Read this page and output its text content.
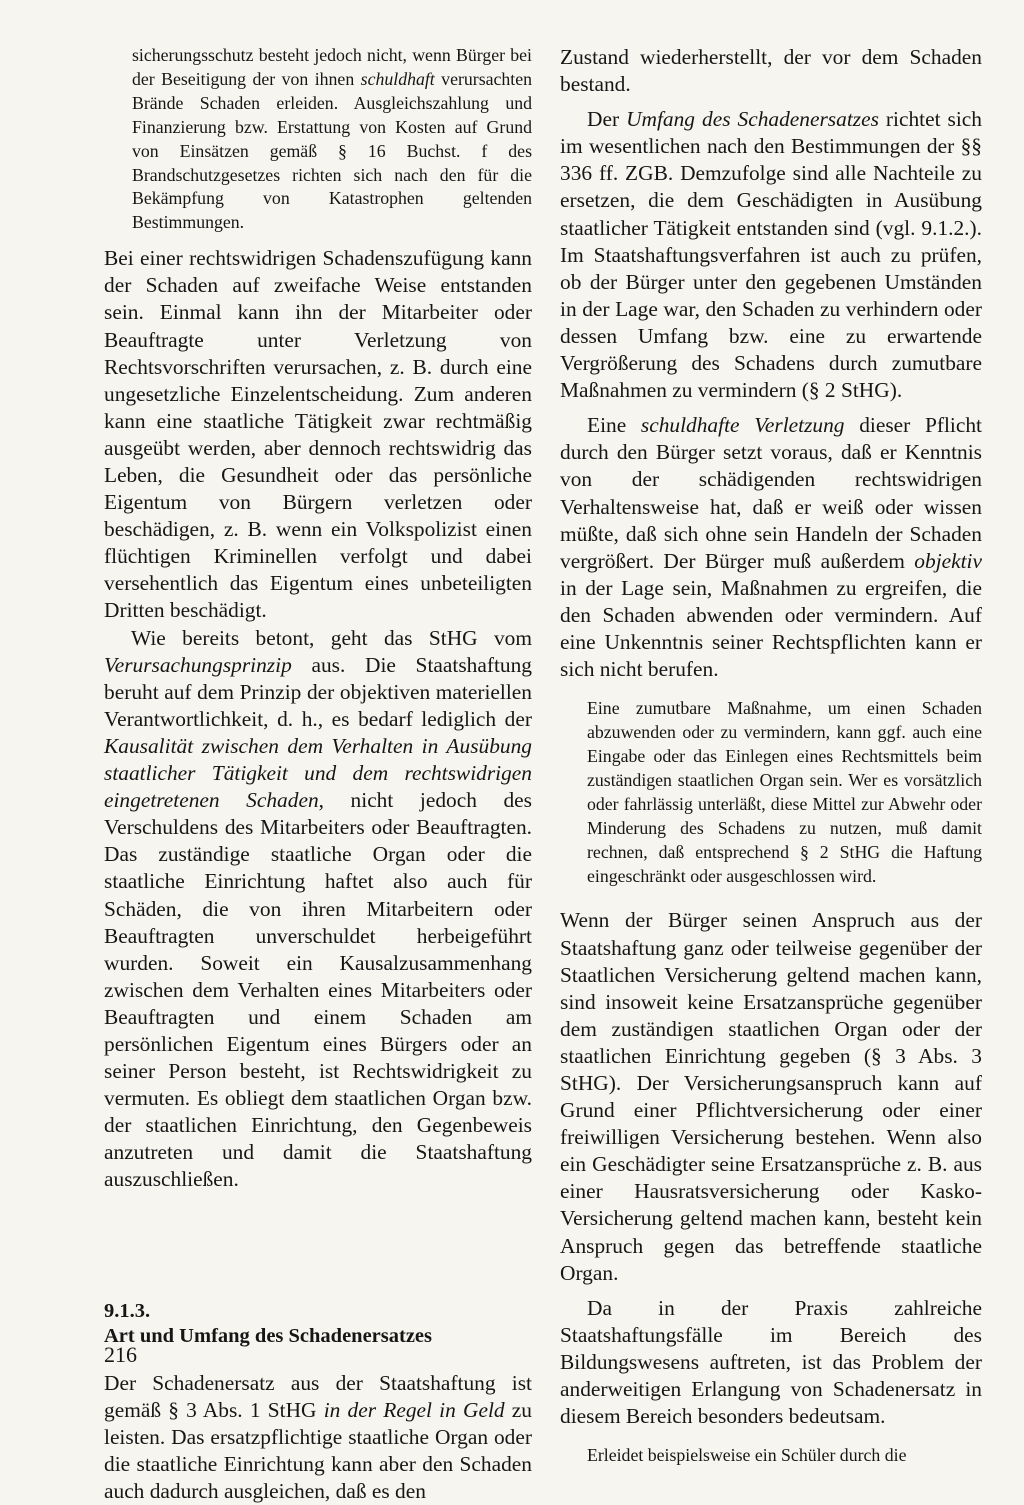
sicherungsschutz besteht jedoch nicht, wenn Bürger bei der Beseitigung der von ihnen schuldhaft verursachten Brände Schaden erleiden. Ausgleichszahlung und Finanzierung bzw. Erstattung von Kosten auf Grund von Einsätzen gemäß § 16 Buchst. f des Brandschutzgesetzes richten sich nach den für die Bekämpfung von Katastrophen geltenden Bestimmungen.

Bei einer rechtswidrigen Schadenszufügung kann der Schaden auf zweifache Weise entstanden sein. Einmal kann ihn der Mitarbeiter oder Beauftragte unter Verletzung von Rechtsvorschriften verursachen, z. B. durch eine ungesetzliche Einzelentscheidung. Zum anderen kann eine staatliche Tätigkeit zwar rechtmäßig ausgeübt werden, aber dennoch rechtswidrig das Leben, die Gesundheit oder das persönliche Eigentum von Bürgern verletzen oder beschädigen, z. B. wenn ein Volkspolizist einen flüchtigen Kriminellen verfolgt und dabei versehentlich das Eigentum eines unbeteiligten Dritten beschädigt.

Wie bereits betont, geht das StHG vom Verursachungsprinzip aus. Die Staatshaftung beruht auf dem Prinzip der objektiven materiellen Verantwortlichkeit, d. h., es bedarf lediglich der Kausalität zwischen dem Verhalten in Ausübung staatlicher Tätigkeit und dem rechtswidrigen eingetretenen Schaden, nicht jedoch des Verschuldens des Mitarbeiters oder Beauftragten. Das zuständige staatliche Organ oder die staatliche Einrichtung haftet also auch für Schäden, die von ihren Mitarbeitern oder Beauftragten unverschuldet herbeigeführt wurden. Soweit ein Kausalzusammenhang zwischen dem Verhalten eines Mitarbeiters oder Beauftragten und einem Schaden am persönlichen Eigentum eines Bürgers oder an seiner Person besteht, ist Rechtswidrigkeit zu vermuten. Es obliegt dem staatlichen Organ bzw. der staatlichen Einrichtung, den Gegenbeweis anzutreten und damit die Staatshaftung auszuschließen.

9.1.3.

Art und Umfang des Schadenersatzes

Der Schadenersatz aus der Staatshaftung ist gemäß § 3 Abs. 1 StHG in der Regel in Geld zu leisten. Das ersatzpflichtige staatliche Organ oder die staatliche Einrichtung kann aber den Schaden auch dadurch ausgleichen, daß es den

Zustand wiederherstellt, der vor dem Schaden bestand.

Der Umfang des Schadenersatzes richtet sich im wesentlichen nach den Bestimmungen der §§ 336 ff. ZGB. Demzufolge sind alle Nachteile zu ersetzen, die dem Geschädigten in Ausübung staatlicher Tätigkeit entstanden sind (vgl. 9.1.2.). Im Staatshaftungsverfahren ist auch zu prüfen, ob der Bürger unter den gegebenen Umständen in der Lage war, den Schaden zu verhindern oder dessen Umfang bzw. eine zu erwartende Vergrößerung des Schadens durch zumutbare Maßnahmen zu vermindern (§ 2 StHG).

Eine schuldhafte Verletzung dieser Pflicht durch den Bürger setzt voraus, daß er Kenntnis von der schädigenden rechtswidrigen Verhaltensweise hat, daß er weiß oder wissen müßte, daß sich ohne sein Handeln der Schaden vergrößert. Der Bürger muß außerdem objektiv in der Lage sein, Maßnahmen zu ergreifen, die den Schaden abwenden oder vermindern. Auf eine Unkenntnis seiner Rechtspflichten kann er sich nicht berufen.

Eine zumutbare Maßnahme, um einen Schaden abzuwenden oder zu vermindern, kann ggf. auch eine Eingabe oder das Einlegen eines Rechtsmittels beim zuständigen staatlichen Organ sein. Wer es vorsätzlich oder fahrlässig unterläßt, diese Mittel zur Abwehr oder Minderung des Schadens zu nutzen, muß damit rechnen, daß entsprechend § 2 StHG die Haftung eingeschränkt oder ausgeschlossen wird.

Wenn der Bürger seinen Anspruch aus der Staatshaftung ganz oder teilweise gegenüber der Staatlichen Versicherung geltend machen kann, sind insoweit keine Ersatzansprüche gegenüber dem zuständigen staatlichen Organ oder der staatlichen Einrichtung gegeben (§ 3 Abs. 3 StHG). Der Versicherungsanspruch kann auf Grund einer Pflichtversicherung oder einer freiwilligen Versicherung bestehen. Wenn also ein Geschädigter seine Ersatzansprüche z. B. aus einer Hausratsversicherung oder Kasko-Versicherung geltend machen kann, besteht kein Anspruch gegen das betreffende staatliche Organ.

Da in der Praxis zahlreiche Staatshaftungsfälle im Bereich des Bildungswesens auftreten, ist das Problem der anderweitigen Erlangung von Schadenersatz in diesem Bereich besonders bedeutsam.

Erleidet beispielsweise ein Schüler durch die

216
